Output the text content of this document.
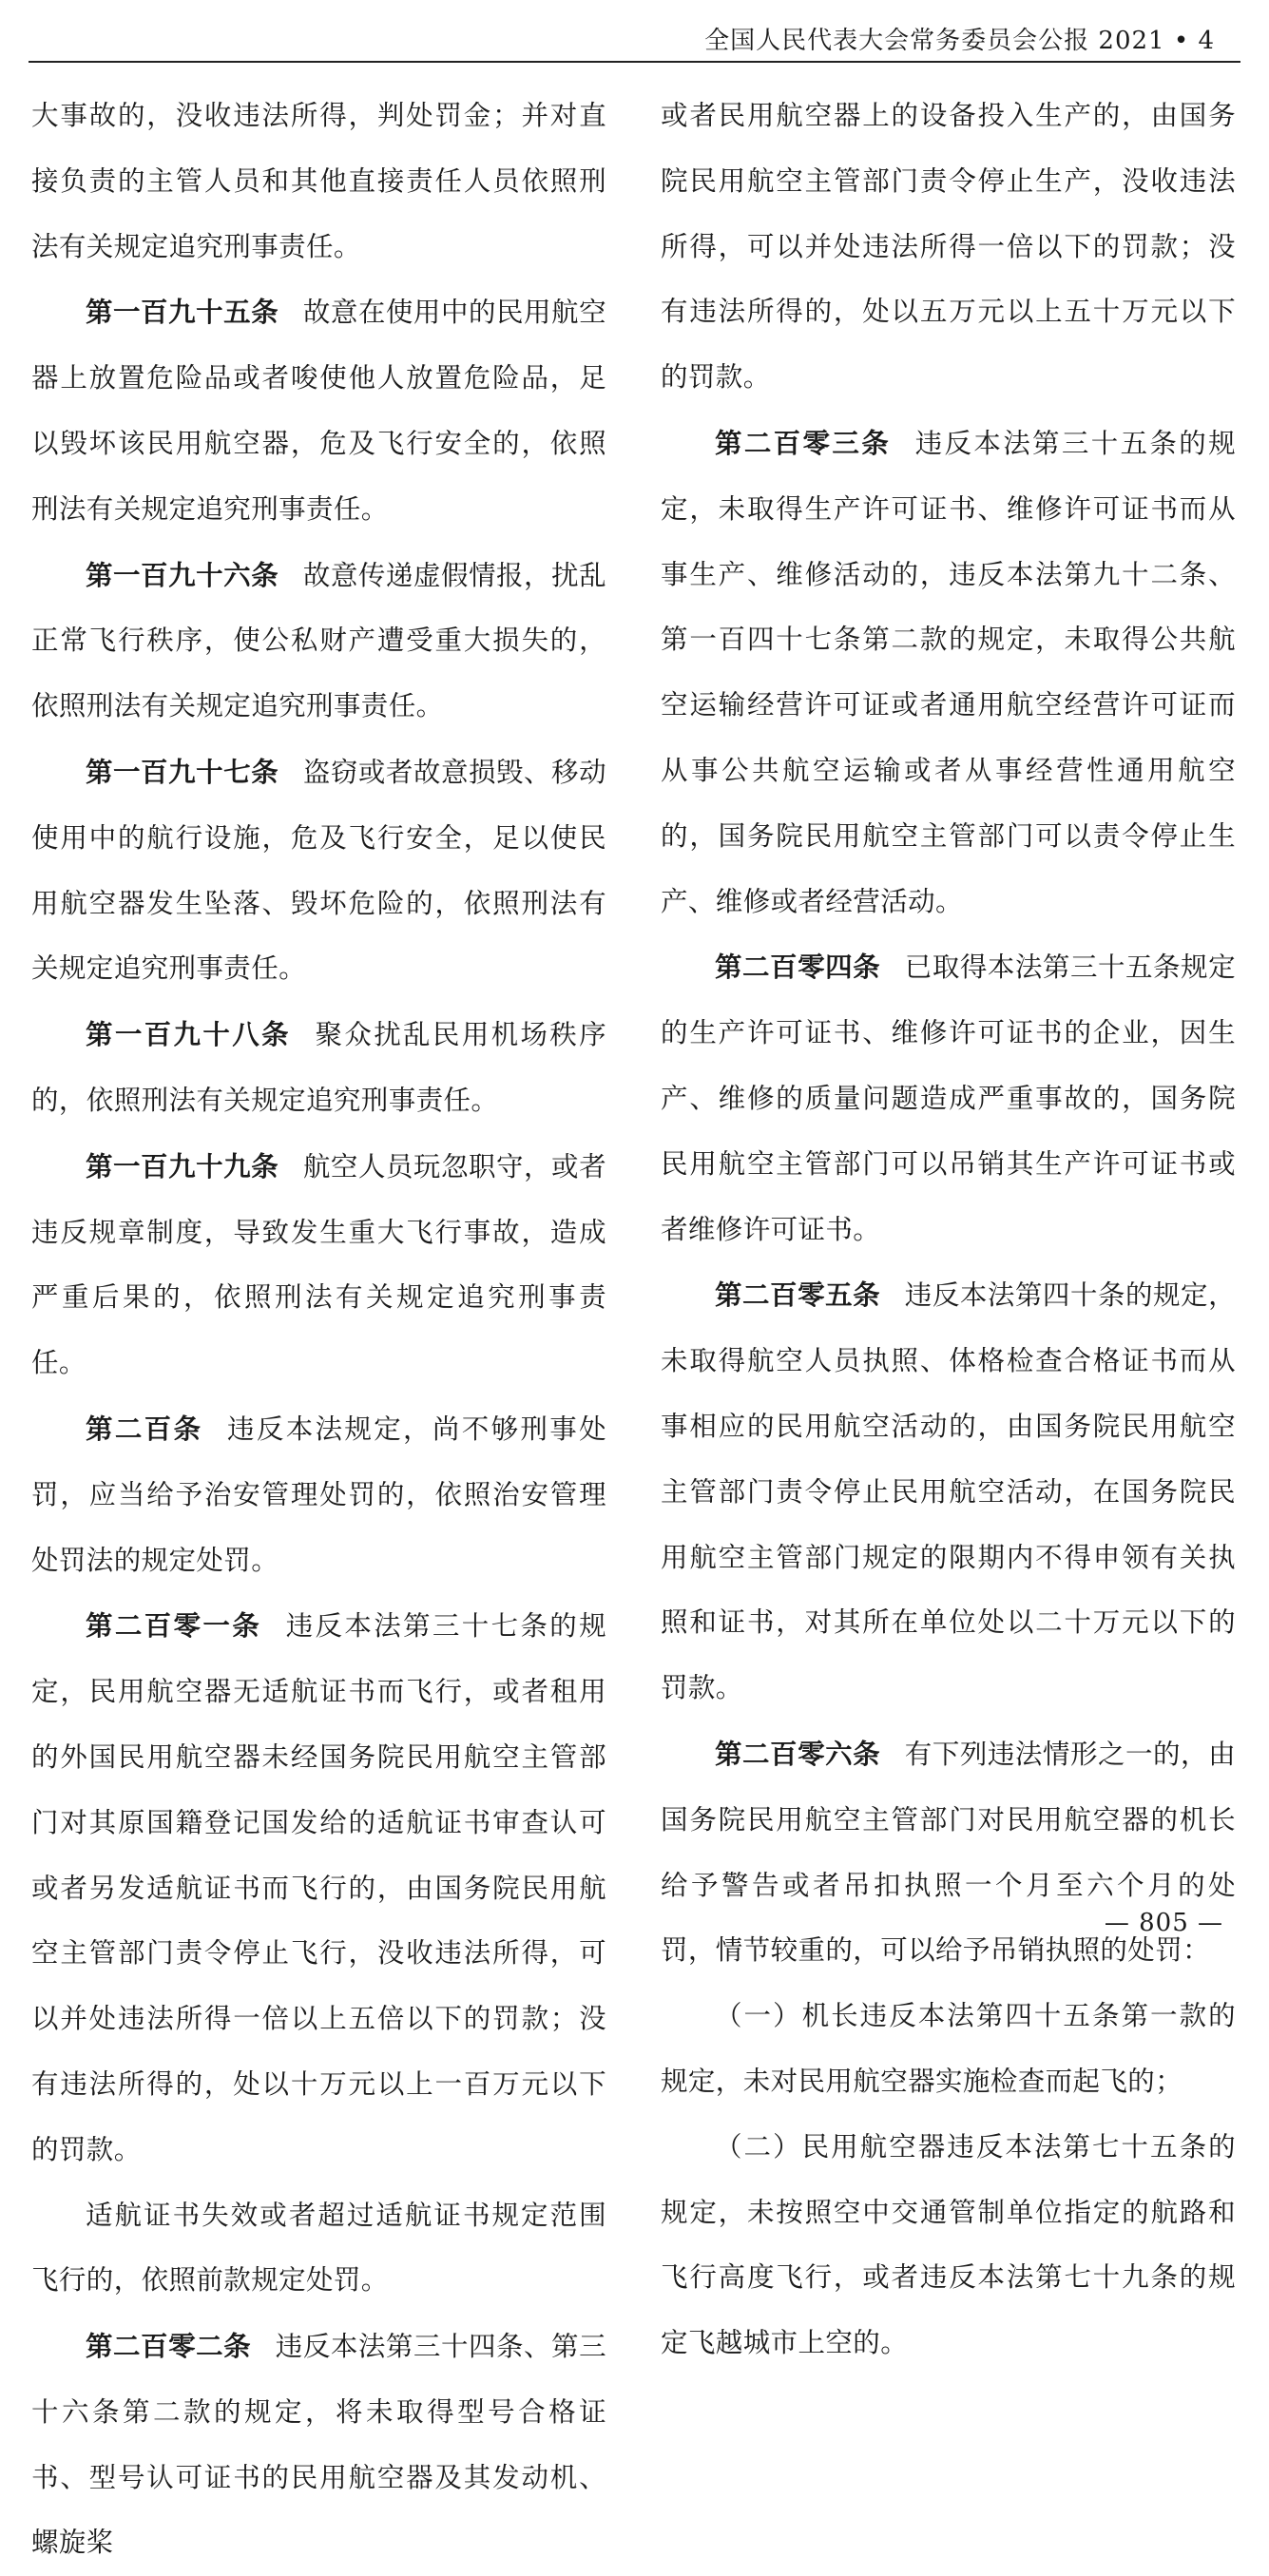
全国人民代表大会常务委员会公报 2021 • 4

大事故的，没收违法所得，判处罚金；并对直接负责的主管人员和其他直接责任人员依照刑法有关规定追究刑事责任。

第一百九十五条 故意在使用中的民用航空器上放置危险品或者唆使他人放置危险品，足以毁坏该民用航空器，危及飞行安全的，依照刑法有关规定追究刑事责任。

第一百九十六条 故意传递虚假情报，扰乱正常飞行秩序，使公私财产遭受重大损失的，依照刑法有关规定追究刑事责任。

第一百九十七条 盗窃或者故意损毁、移动使用中的航行设施，危及飞行安全，足以使民用航空器发生坠落、毁坏危险的，依照刑法有关规定追究刑事责任。

第一百九十八条 聚众扰乱民用机场秩序的，依照刑法有关规定追究刑事责任。

第一百九十九条 航空人员玩忽职守，或者违反规章制度，导致发生重大飞行事故，造成严重后果的，依照刑法有关规定追究刑事责任。

第二百条 违反本法规定，尚不够刑事处罚，应当给予治安管理处罚的，依照治安管理处罚法的规定处罚。

第二百零一条 违反本法第三十七条的规定，民用航空器无适航证书而飞行，或者租用的外国民用航空器未经国务院民用航空主管部门对其原国籍登记国发给的适航证书审查认可或者另发适航证书而飞行的，由国务院民用航空主管部门责令停止飞行，没收违法所得，可以并处违法所得一倍以上五倍以下的罚款；没有违法所得的，处以十万元以上一百万元以下的罚款。

适航证书失效或者超过适航证书规定范围飞行的，依照前款规定处罚。

第二百零二条 违反本法第三十四条、第三十六条第二款的规定，将未取得型号合格证书、型号认可证书的民用航空器及其发动机、螺旋桨

或者民用航空器上的设备投入生产的，由国务院民用航空主管部门责令停止生产，没收违法所得，可以并处违法所得一倍以下的罚款；没有违法所得的，处以五万元以上五十万元以下的罚款。

第二百零三条 违反本法第三十五条的规定，未取得生产许可证书、维修许可证书而从事生产、维修活动的，违反本法第九十二条、第一百四十七条第二款的规定，未取得公共航空运输经营许可证或者通用航空经营许可证而从事公共航空运输或者从事经营性通用航空的，国务院民用航空主管部门可以责令停止生产、维修或者经营活动。

第二百零四条 已取得本法第三十五条规定的生产许可证书、维修许可证书的企业，因生产、维修的质量问题造成严重事故的，国务院民用航空主管部门可以吊销其生产许可证书或者维修许可证书。

第二百零五条 违反本法第四十条的规定，未取得航空人员执照、体格检查合格证书而从事相应的民用航空活动的，由国务院民用航空主管部门责令停止民用航空活动，在国务院民用航空主管部门规定的限期内不得申领有关执照和证书，对其所在单位处以二十万元以下的罚款。

第二百零六条 有下列违法情形之一的，由国务院民用航空主管部门对民用航空器的机长给予警告或者吊扣执照一个月至六个月的处罚，情节较重的，可以给予吊销执照的处罚：

（一）机长违反本法第四十五条第一款的规定，未对民用航空器实施检查而起飞的；

（二）民用航空器违反本法第七十五条的规定，未按照空中交通管制单位指定的航路和飞行高度飞行，或者违反本法第七十九条的规定飞越城市上空的。

— 805 —
